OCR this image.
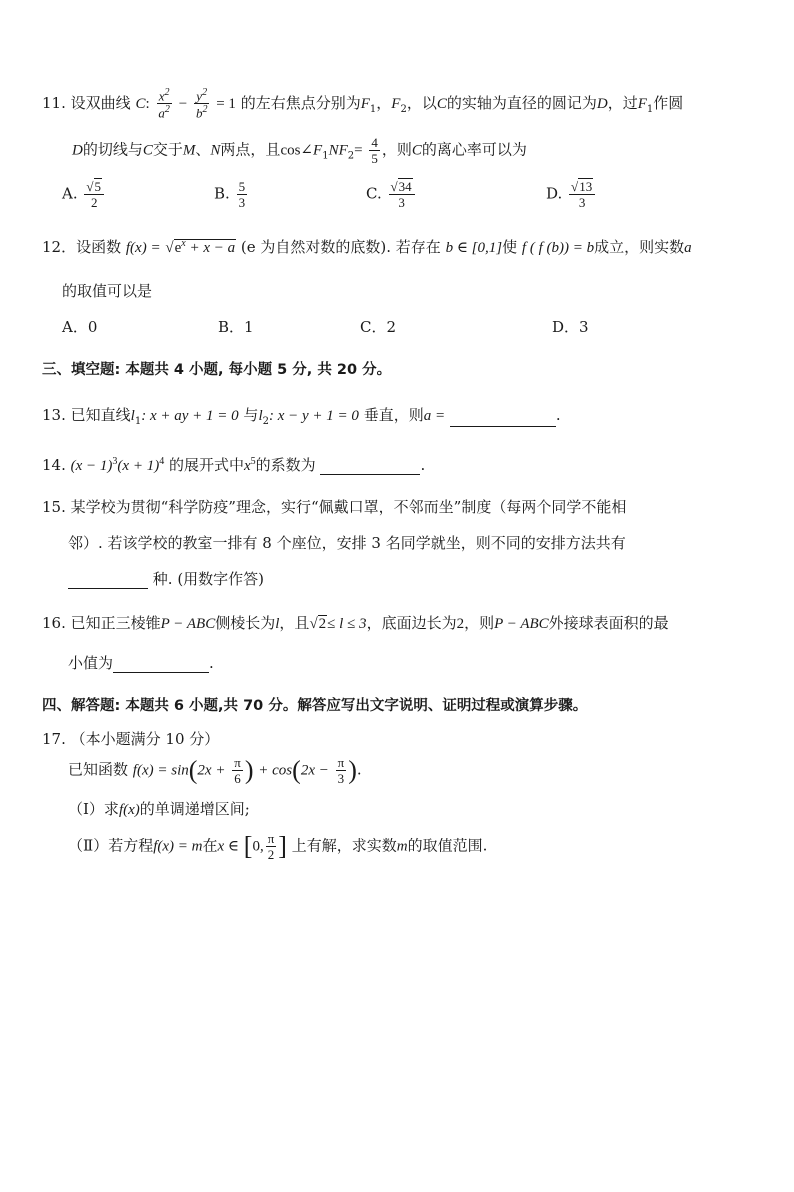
11. 设双曲线 C: $\frac{x^2}{a^2} - \frac{y^2}{b^2} = 1$ 的左右焦点分别为$F_1$，$F_2$，以C的实轴为直径的圆记为D，过$F_1$作圆
D的切线与C交于M、N两点，且$\cos\angle F_1NF_2= \frac{4}{5}$ ，则C的离心率可以为
A. $\frac{√5}{2}$	B. $\frac{5}{3}$	C. $\frac{√34}{3}$	D. $\frac{√13}{3}$
12．设函数 $f(x) = √e^x + x - a$ (e 为自然对数的底数). 若存在 b ∈ [0,1]使 f ( f (b)) = b成立，则实数a
的取值可以是
A．0	B．1	C．2	D．3
三、填空题: 本题共 4 小题, 每小题 5 分, 共 20 分。
13. 已知直线$l_1$: x + ay + 1 = 0 与$l_2$: x − y + 1 = 0 垂直，则a =	.
14. $(x - 1)^3(x + 1)^4$ 的展开式中$x^5$的系数为	.
15. 某学校为贯彻“科学防疫”理念，实行“佩戴口罩，不邻而坐”制度（每两个同学不能相
邻）. 若该学校的教室一排有 8 个座位，安排 3 名同学就坐，则不同的安排方法共有
种. (用数字作答)
16. 已知正三棱锥P − ABC侧棱长为l，且√2≤ l ≤ 3，底面边长为2，则P − ABC外接球表面积的最
小值为	.
四、解答题: 本题共 6 小题,共 70 分。解答应写出文字说明、证明过程或演算步骤。
17. （本小题满分 10 分）
已知函数 $f(x) = \sin(2x + \frac{\pi}{6}$ ) + $\cos(2x - \frac{\pi}{3}$ ).
（Ⅰ）求f(x)的单调递增区间;
（Ⅱ）若方程f(x) = m在x ∈ [0, $\frac{\pi}{2}$ ] 上有解，求实数m的取值范围.
